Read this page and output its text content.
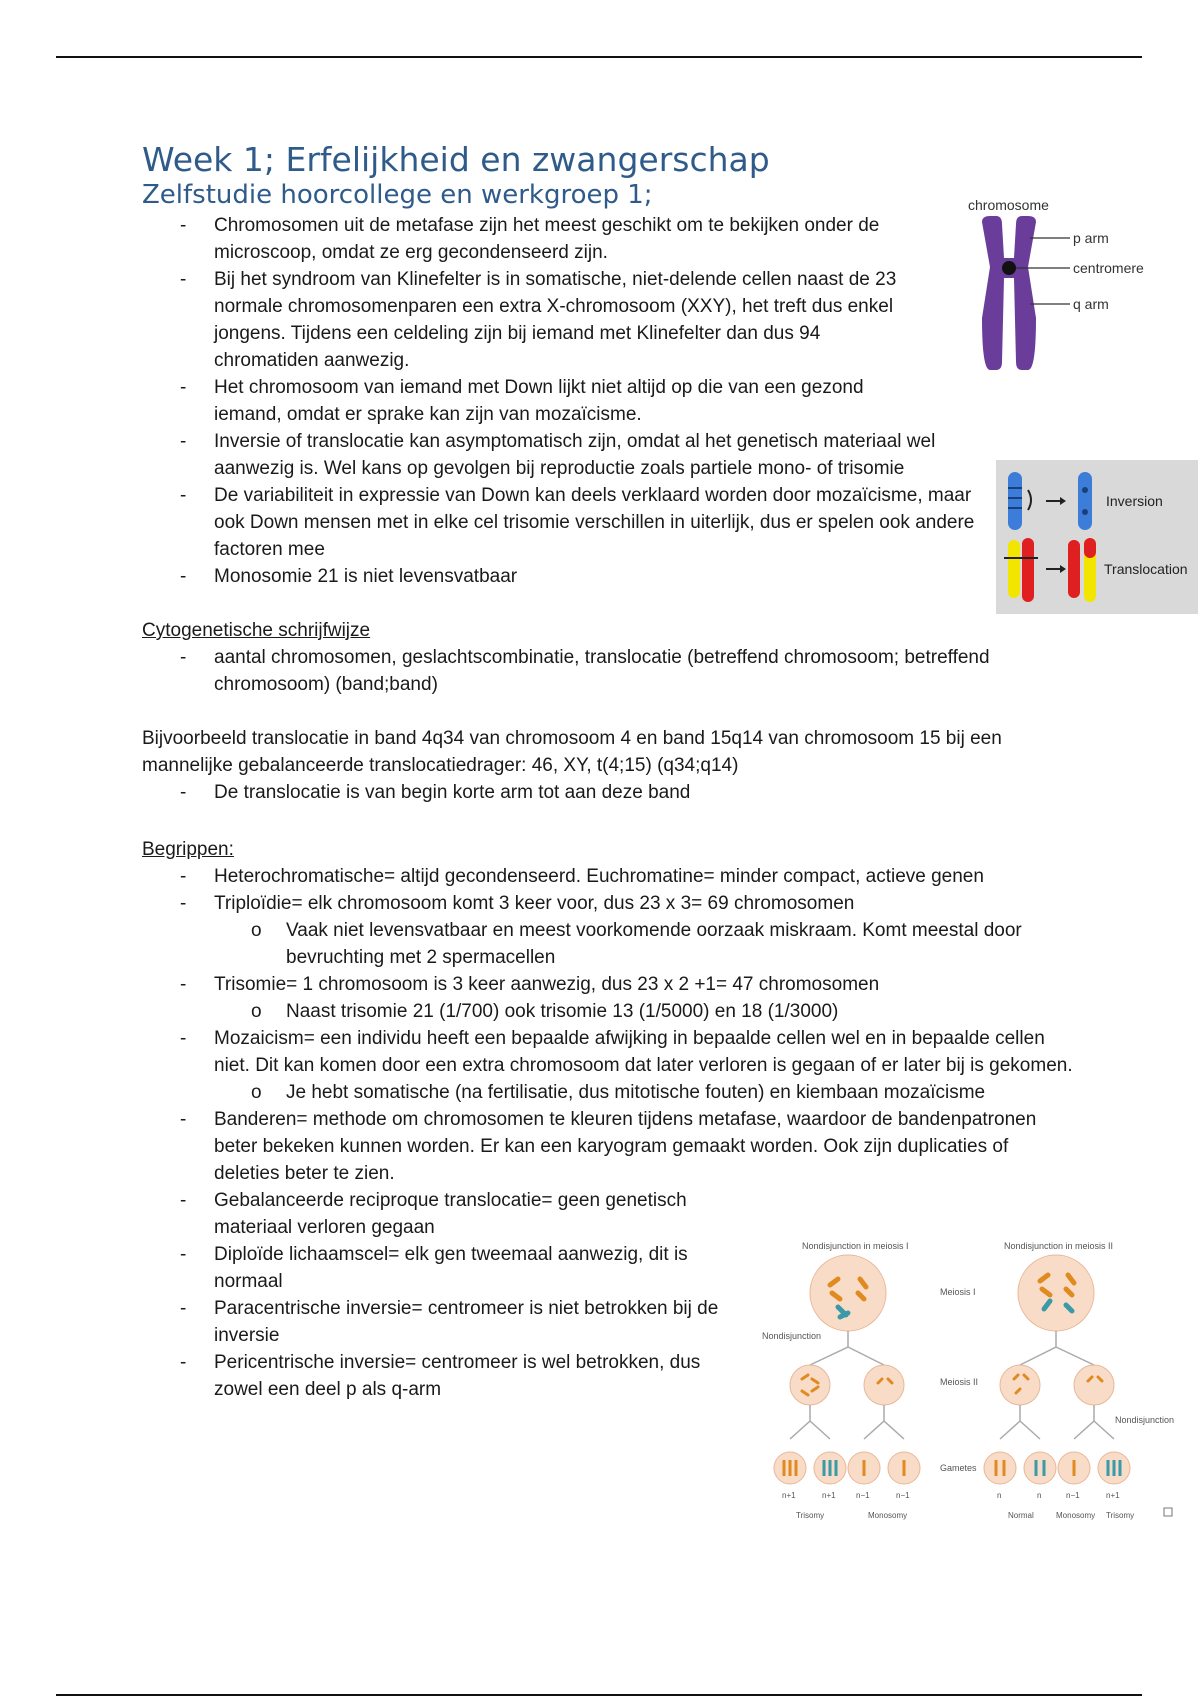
Week 1; Erfelijkheid en zwangerschap
Zelfstudie hoorcollege en werkgroep 1;
- Chromosomen uit de metafase zijn het meest geschikt om te bekijken onder de microscoop, omdat ze erg gecondenseerd zijn.
- Bij het syndroom van Klinefelter is in somatische, niet-delende cellen naast de 23 normale chromosomenparen een extra X-chromosoom (XXY), het treft dus enkel jongens. Tijdens een celdeling zijn bij iemand met Klinefelter dan dus 94 chromatiden aanwezig.
- Het chromosoom van iemand met Down lijkt niet altijd op die van een gezond iemand, omdat er sprake kan zijn van mozaïcisme.
- Inversie of translocatie kan asymptomatisch zijn, omdat al het genetisch materiaal wel aanwezig is. Wel kans op gevolgen bij reproductie zoals partiele mono- of trisomie
- De variabiliteit in expressie van Down kan deels verklaard worden door mozaïcisme, maar ook Down mensen met in elke cel trisomie verschillen in uiterlijk, dus er spelen ook andere factoren mee
- Monosomie 21 is niet levensvatbaar

Cytogenetische schrijfwijze

- aantal chromosomen, geslachtscombinatie, translocatie (betreffend chromosoom; betreffend chromosoom) (band;band)

Bijvoorbeeld translocatie in band 4q34 van chromosoom 4 en band 15q14 van chromosoom 15 bij een mannelijke gebalanceerde translocatiedrager: 46, XY, t(4;15) (q34;q14)

- De translocatie is van begin korte arm tot aan deze band

Begrippen:

- Heterochromatische= altijd gecondenseerd. Euchromatine= minder compact, actieve genen
- Triploïdie= elk chromosoom komt 3 keer voor, dus 23 x 3= 69 chromosomen
o Vaak niet levensvatbaar en meest voorkomende oorzaak miskraam. Komt meestal door bevruchting met 2 spermacellen
- Trisomie= 1 chromosoom is 3 keer aanwezig, dus 23 x 2 +1= 47 chromosomen
o Naast trisomie 21 (1/700) ook trisomie 13 (1/5000) en 18 (1/3000)
- Mozaicism= een individu heeft een bepaalde afwijking in bepaalde cellen wel en in bepaalde cellen niet. Dit kan komen door een extra chromosoom dat later verloren is gegaan of er later bij is gekomen.
o Je hebt somatische (na fertilisatie, dus mitotische fouten) en kiembaan mozaïcisme
- Banderen= methode om chromosomen te kleuren tijdens metafase, waardoor de bandenpatronen beter bekeken kunnen worden. Er kan een karyogram gemaakt worden. Ook zijn duplicaties of deleties beter te zien.
- Gebalanceerde reciproque translocatie= geen genetisch materiaal verloren gegaan
- Diploïde lichaamscel= elk gen tweemaal aanwezig, dit is normaal
- Paracentrische inversie= centromeer is niet betrokken bij de inversie
- Pericentrische inversie= centromeer is wel betrokken, dus zowel een deel p als q-arm
chromosome
p arm
centromere
q arm
Inversion
Translocation
Nondisjunction in meiosis I	Nondisjunction in meiosis II
Meiosis I
Meiosis II
Nondisjunction
Nondisjunction
Gametes
n+1	n+1	n−1	n−1	n	n	n−1	n+1
Trisomy	Monosomy	Normal	Monosomy Trisomy
